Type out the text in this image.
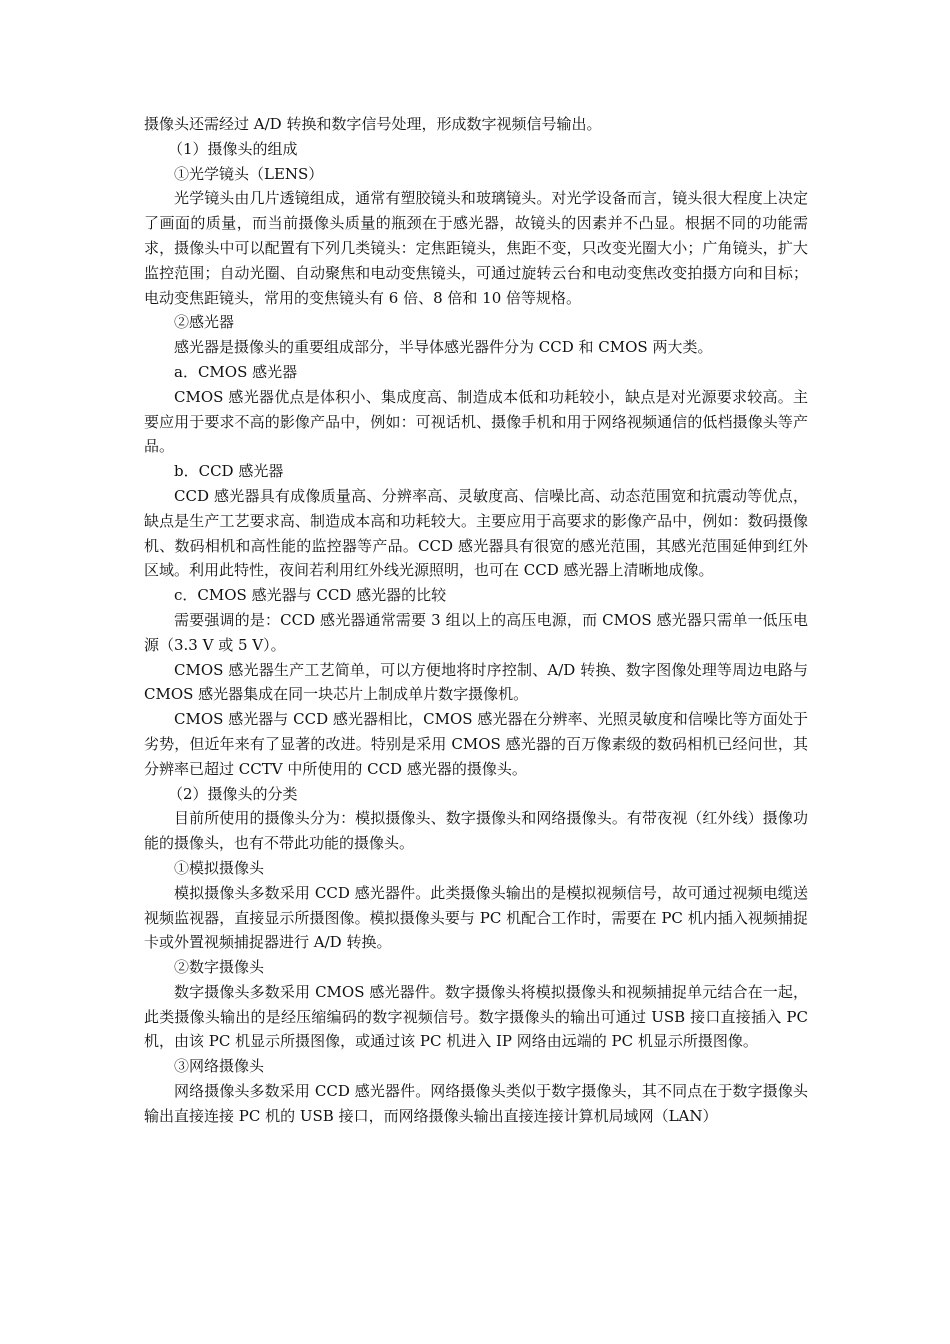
摄像头还需经过 A/D 转换和数字信号处理，形成数字视频信号输出。
（1）摄像头的组成
①光学镜头（LENS）
光学镜头由几片透镜组成，通常有塑胶镜头和玻璃镜头。对光学设备而言，镜头很大程度上决定了画面的质量，而当前摄像头质量的瓶颈在于感光器，故镜头的因素并不凸显。根据不同的功能需求，摄像头中可以配置有下列几类镜头：定焦距镜头，焦距不变，只改变光圈大小；广角镜头，扩大监控范围；自动光圈、自动聚焦和电动变焦镜头，可通过旋转云台和电动变焦改变拍摄方向和目标；电动变焦距镜头，常用的变焦镜头有 6 倍、8 倍和 10 倍等规格。
②感光器
感光器是摄像头的重要组成部分，半导体感光器件分为 CCD 和 CMOS 两大类。
a．CMOS 感光器
CMOS 感光器优点是体积小、集成度高、制造成本低和功耗较小，缺点是对光源要求较高。主要应用于要求不高的影像产品中，例如：可视话机、摄像手机和用于网络视频通信的低档摄像头等产品。
b．CCD 感光器
CCD 感光器具有成像质量高、分辨率高、灵敏度高、信噪比高、动态范围宽和抗震动等优点，缺点是生产工艺要求高、制造成本高和功耗较大。主要应用于高要求的影像产品中，例如：数码摄像机、数码相机和高性能的监控器等产品。CCD 感光器具有很宽的感光范围，其感光范围延伸到红外区域。利用此特性，夜间若利用红外线光源照明，也可在 CCD 感光器上清晰地成像。
c．CMOS 感光器与 CCD 感光器的比较
需要强调的是：CCD 感光器通常需要 3 组以上的高压电源，而 CMOS 感光器只需单一低压电源（3.3 V 或 5 V）。
CMOS 感光器生产工艺简单，可以方便地将时序控制、A/D 转换、数字图像处理等周边电路与 CMOS 感光器集成在同一块芯片上制成单片数字摄像机。
CMOS 感光器与 CCD 感光器相比，CMOS 感光器在分辨率、光照灵敏度和信噪比等方面处于劣势，但近年来有了显著的改进。特别是采用 CMOS 感光器的百万像素级的数码相机已经问世，其分辨率已超过 CCTV 中所使用的 CCD 感光器的摄像头。
（2）摄像头的分类
目前所使用的摄像头分为：模拟摄像头、数字摄像头和网络摄像头。有带夜视（红外线）摄像功能的摄像头，也有不带此功能的摄像头。
①模拟摄像头
模拟摄像头多数采用 CCD 感光器件。此类摄像头输出的是模拟视频信号，故可通过视频电缆送视频监视器，直接显示所摄图像。模拟摄像头要与 PC 机配合工作时，需要在 PC 机内插入视频捕捉卡或外置视频捕捉器进行 A/D 转换。
②数字摄像头
数字摄像头多数采用 CMOS 感光器件。数字摄像头将模拟摄像头和视频捕捉单元结合在一起，此类摄像头输出的是经压缩编码的数字视频信号。数字摄像头的输出可通过 USB 接口直接插入 PC 机，由该 PC 机显示所摄图像，或通过该 PC 机进入 IP 网络由远端的 PC 机显示所摄图像。
③网络摄像头
网络摄像头多数采用 CCD 感光器件。网络摄像头类似于数字摄像头，其不同点在于数字摄像头输出直接连接 PC 机的 USB 接口，而网络摄像头输出直接连接计算机局域网（LAN）
